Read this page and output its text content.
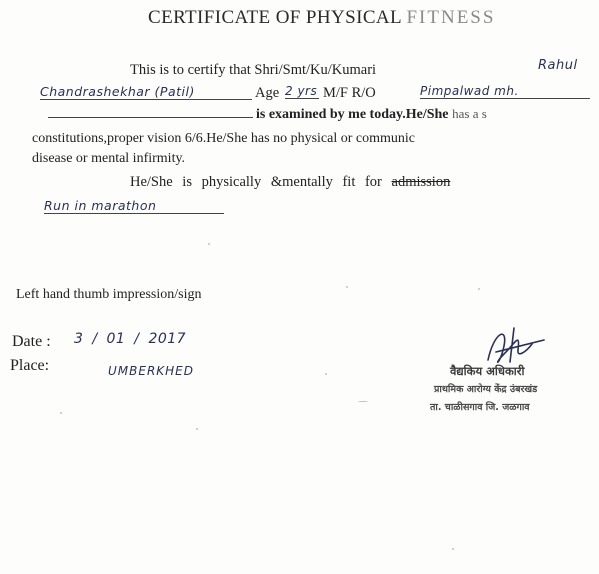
CERTIFICATE OF PHYSICAL FITNESS
This is to certify that Shri/Smt/Ku/Kumari	Rahul
Chandrashekhar (Patil)	Age 2 yrs M/F R/O	Pimpalwad mh.
is examined by me today.He/She has a s
constitutions,proper vision 6/6.He/She has no physical or communic
disease or mental infirmity.
He/She is physically &mentally fit for admission
Run in marathon
Left hand thumb impression/sign
Date : 3 / 01 / 2017
Place:	UMBERKHED	वैद्यकिय अधिकारी
प्राथमिक आरोग्य केंद्र उंबरखंड
ता. चाळीसगाव जि. जळगाव
